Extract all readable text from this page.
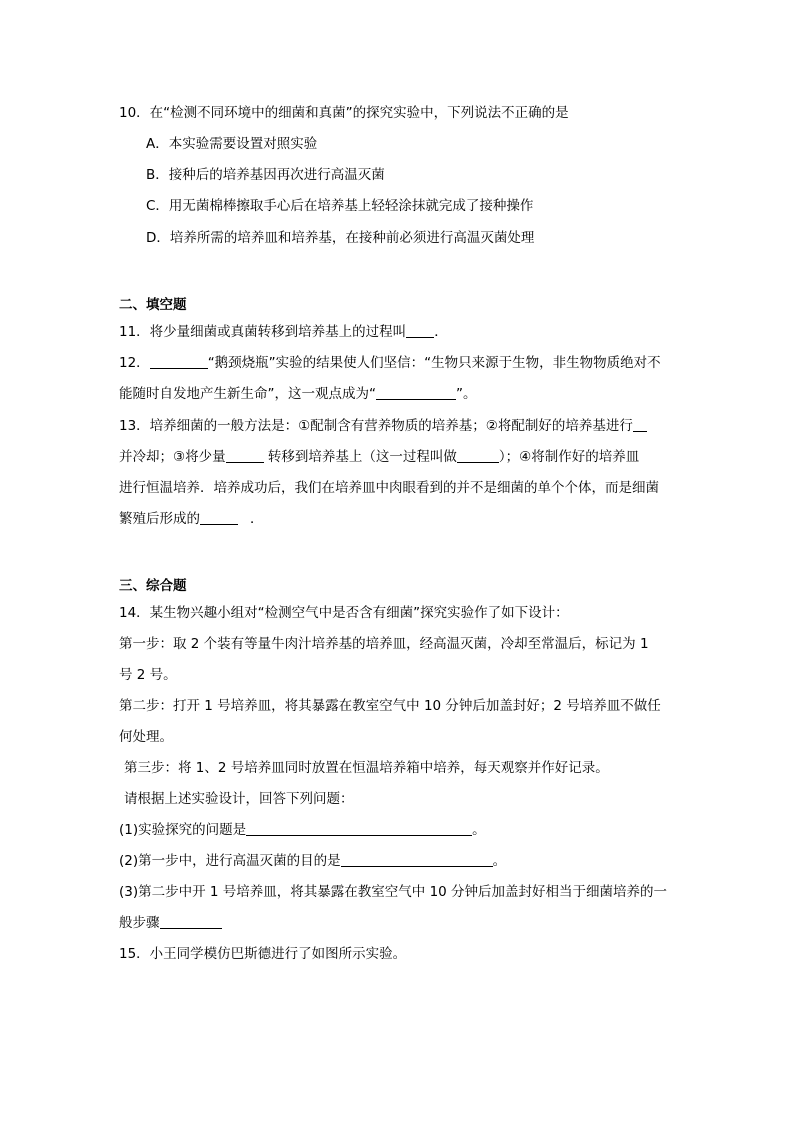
10．在“检测不同环境中的细菌和真菌”的探究实验中，下列说法不正确的是
A．本实验需要设置对照实验
B．接种后的培养基因再次进行高温灭菌
C．用无菌棉棒擦取手心后在培养基上轻轻涂抹就完成了接种操作
D．培养所需的培养皿和培养基，在接种前必须进行高温灭菌处理
二、填空题
11．将少量细菌或真菌转移到培养基上的过程叫 ．
12．	“鹅颈烧瓶”实验的结果使人们坚信：“生物只来源于生物，非生物物质绝对不
能随时自发地产生新生命”，这一观点成为“	”。
13．培养细菌的一般方法是：①配制含有营养物质的培养基；②将配制好的培养基进行
并冷却；③将少量	转移到培养基上（这一过程叫做	）；④将制作好的培养皿
进行恒温培养．培养成功后，我们在培养皿中肉眼看到的并不是细菌的单个个体，而是细菌
繁殖后形成的	．
三、综合题
14．某生物兴趣小组对“检测空气中是否含有细菌”探究实验作了如下设计：
第一步：取 2 个装有等量牛肉汁培养基的培养皿，经高温灭菌，冷却至常温后，标记为 1
号 2 号。
第二步：打开 1 号培养皿，将其暴露在教室空气中 10 分钟后加盖封好；2 号培养皿不做任
何处理。
第三步：将 1、2 号培养皿同时放置在恒温培养箱中培养，每天观察并作好记录。
请根据上述实验设计，回答下列问题：
(1)实验探究的问题是	。
(2)第一步中，进行高温灭菌的目的是	。
(3)第二步中开 1 号培养皿，将其暴露在教室空气中 10 分钟后加盖封好相当于细菌培养的一
般步骤
15．小王同学模仿巴斯德进行了如图所示实验。
